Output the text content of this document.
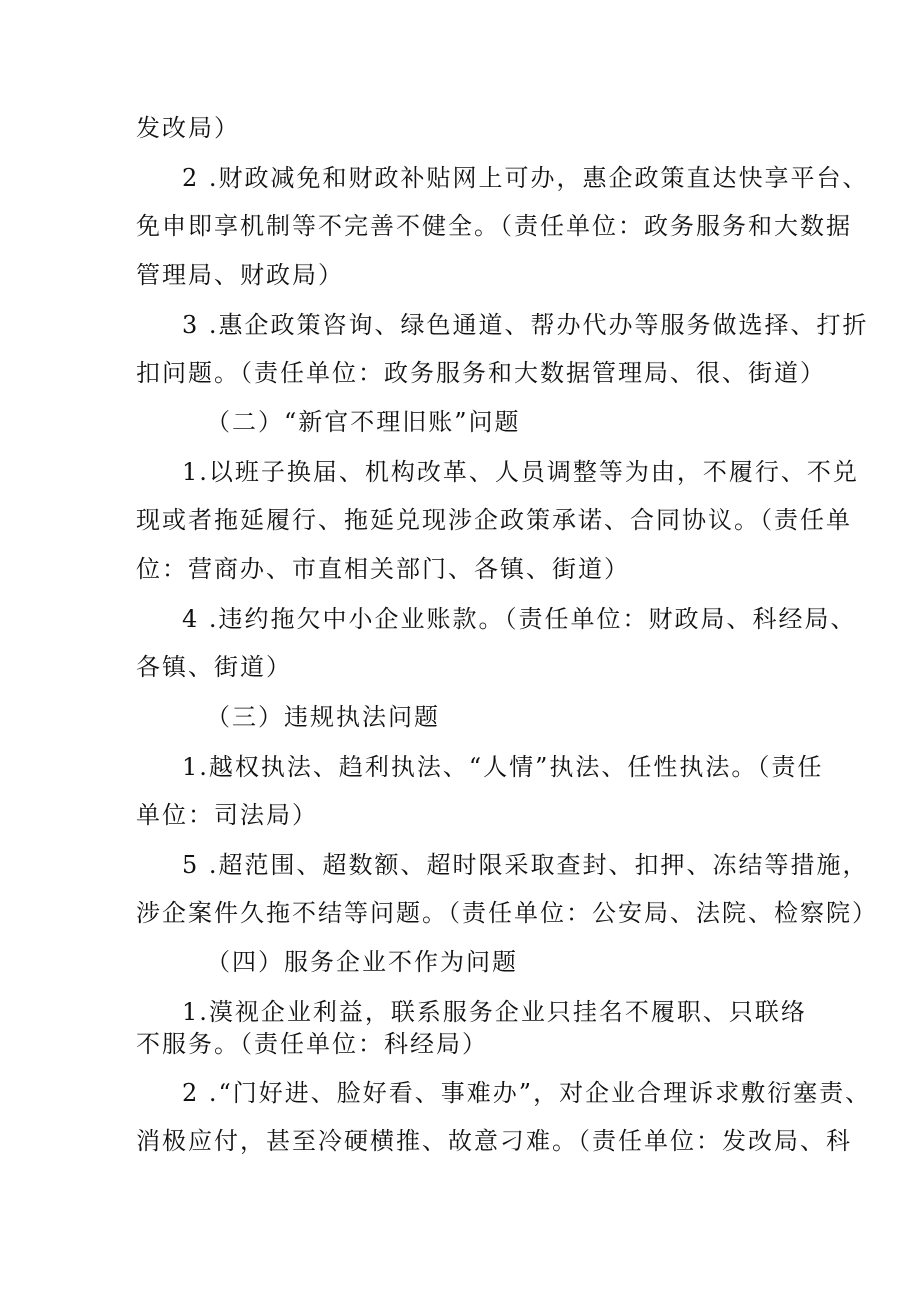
发改局）
2 .财政减免和财政补贴网上可办，惠企政策直达快享平台、
免申即享机制等不完善不健全。（责任单位：政务服务和大数据
管理局、财政局）
3 .惠企政策咨询、绿色通道、帮办代办等服务做选择、打折
扣问题。（责任单位：政务服务和大数据管理局、很、街道）
（二）“新官不理旧账”问题
1.以班子换届、机构改革、人员调整等为由，不履行、不兑
现或者拖延履行、拖延兑现涉企政策承诺、合同协议。（责任单
位：营商办、市直相关部门、各镇、街道）
4 .违约拖欠中小企业账款。（责任单位：财政局、科经局、
各镇、街道）
（三）违规执法问题
1.越权执法、趋利执法、“人情”执法、任性执法。（责任
单位：司法局）
5 .超范围、超数额、超时限采取查封、扣押、冻结等措施，
涉企案件久拖不结等问题。（责任单位：公安局、法院、检察院）
（四）服务企业不作为问题
1.漠视企业利益，联系服务企业只挂名不履职、只联络
不服务。（责任单位：科经局）
2 .“门好进、脸好看、事难办”，对企业合理诉求敷衍塞责、
消极应付，甚至冷硬横推、故意刁难。（责任单位：发改局、科
